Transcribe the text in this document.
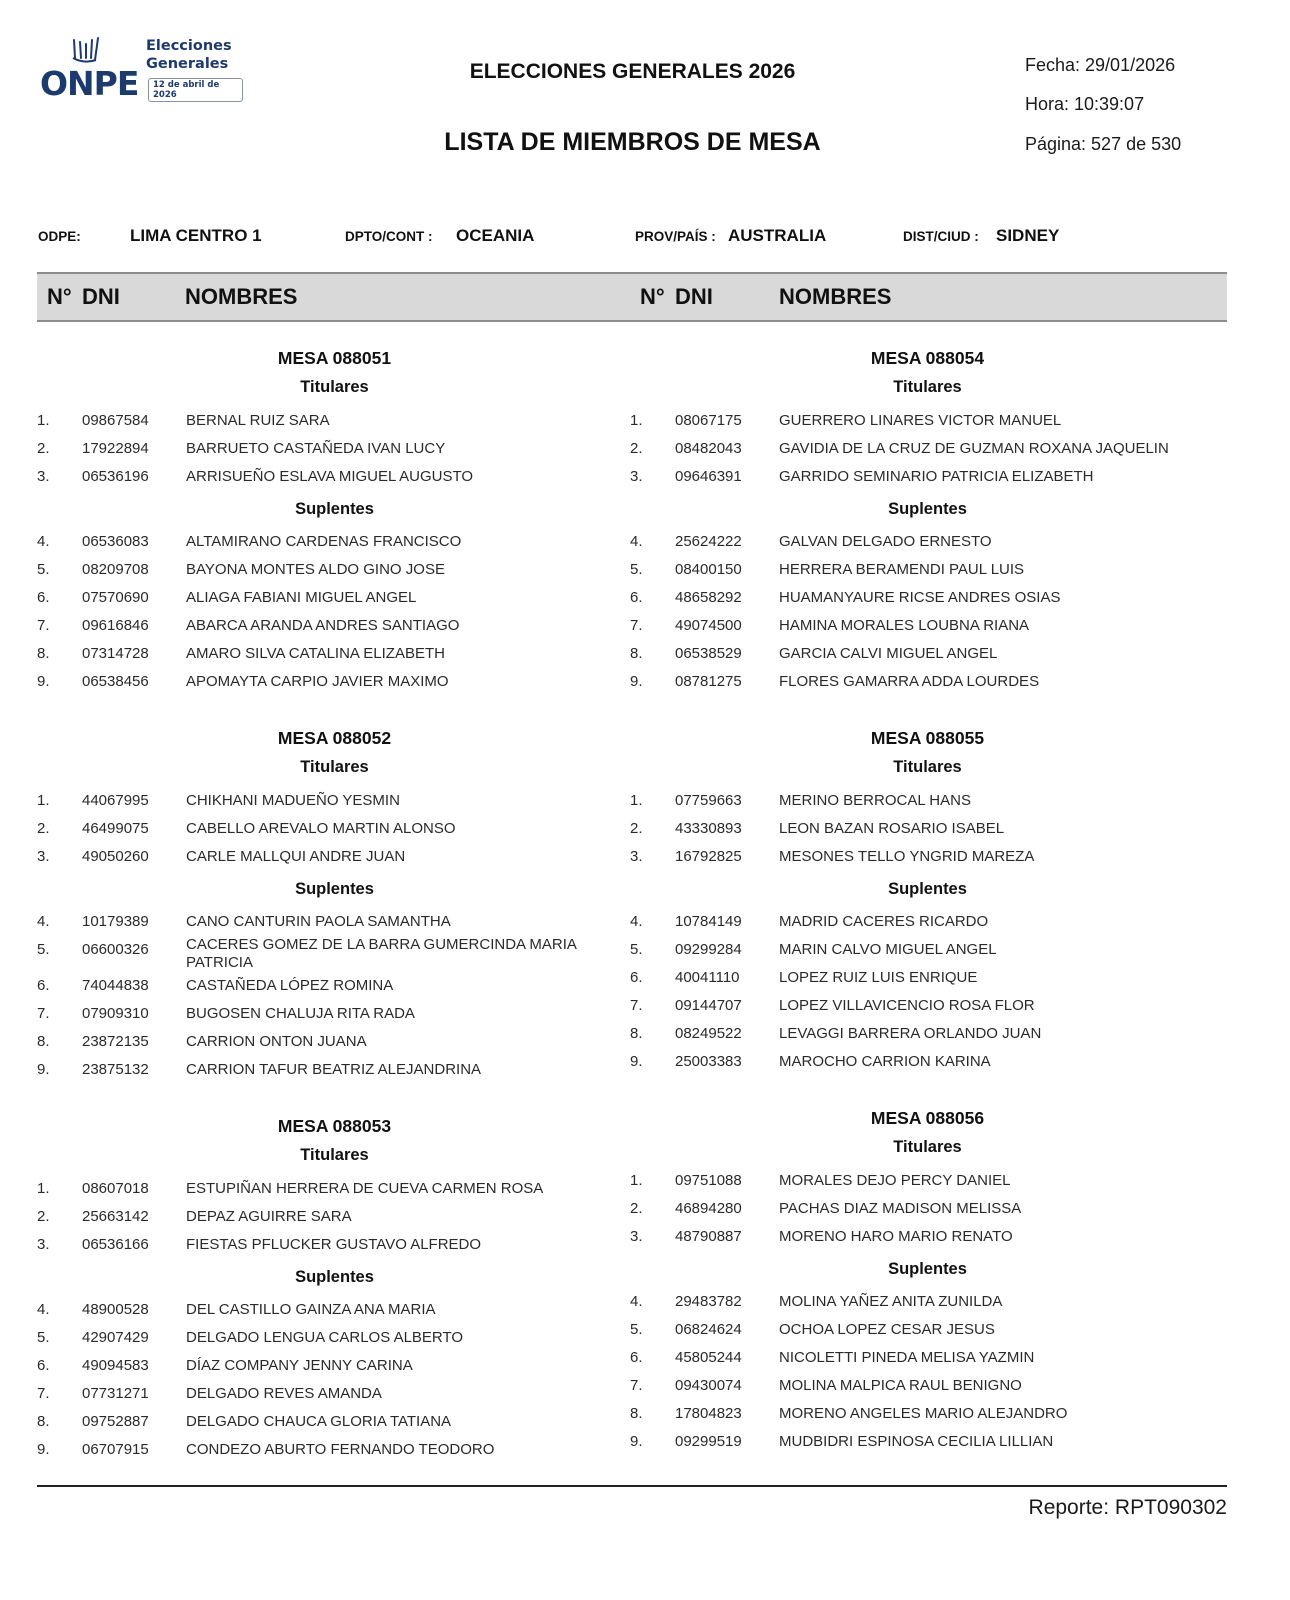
ONPE
Elecciones
Generales
12 de abril de 2026
ELECCIONES GENERALES 2026
LISTA DE MIEMBROS DE MESA
Fecha: 29/01/2026
Hora: 10:39:07
Página: 527 de 530
ODPE:	LIMA CENTRO 1	DPTO/CONT : OCEANIA	PROV/PAÍS : AUSTRALIA	DIST/CIUD : SIDNEY
N° DNI	NOMBRES	N° DNI	NOMBRES
MESA 088051
Titulares
1. 09867584 BERNAL RUIZ SARA
2. 17922894 BARRUETO CASTAÑEDA IVAN LUCY
3. 06536196 ARRISUEÑO ESLAVA MIGUEL AUGUSTO
Suplentes
4. 06536083 ALTAMIRANO CARDENAS FRANCISCO
5. 08209708 BAYONA MONTES ALDO GINO JOSE
6. 07570690 ALIAGA FABIANI MIGUEL ANGEL
7. 09616846 ABARCA ARANDA ANDRES SANTIAGO
8. 07314728 AMARO SILVA CATALINA ELIZABETH
9. 06538456 APOMAYTA CARPIO JAVIER MAXIMO
MESA 088052
Titulares
1. 44067995 CHIKHANI MADUEÑO YESMIN
2. 46499075 CABELLO AREVALO MARTIN ALONSO
3. 49050260 CARLE MALLQUI ANDRE JUAN
Suplentes
4. 10179389 CANO CANTURIN PAOLA SAMANTHA
5. 06600326 CACERES GOMEZ DE LA BARRA GUMERCINDA MARIA PATRICIA
6. 74044838 CASTAÑEDA LÓPEZ ROMINA
7. 07909310 BUGOSEN CHALUJA RITA RADA
8. 23872135 CARRION ONTON JUANA
9. 23875132 CARRION TAFUR BEATRIZ ALEJANDRINA
MESA 088053
Titulares
1. 08607018 ESTUPIÑAN HERRERA DE CUEVA CARMEN ROSA
2. 25663142 DEPAZ AGUIRRE SARA
3. 06536166 FIESTAS PFLUCKER GUSTAVO ALFREDO
Suplentes
4. 48900528 DEL CASTILLO GAINZA ANA MARIA
5. 42907429 DELGADO LENGUA CARLOS ALBERTO
6. 49094583 DÍAZ COMPANY JENNY CARINA
7. 07731271 DELGADO REVES AMANDA
8. 09752887 DELGADO CHAUCA GLORIA TATIANA
9. 06707915 CONDEZO ABURTO FERNANDO TEODORO
MESA 088054
Titulares
1. 08067175 GUERRERO LINARES VICTOR MANUEL
2. 08482043 GAVIDIA DE LA CRUZ DE GUZMAN ROXANA JAQUELIN
3. 09646391 GARRIDO SEMINARIO PATRICIA ELIZABETH
Suplentes
4. 25624222 GALVAN DELGADO ERNESTO
5. 08400150 HERRERA BERAMENDI PAUL LUIS
6. 48658292 HUAMANYAURE RICSE ANDRES OSIAS
7. 49074500 HAMINA MORALES LOUBNA RIANA
8. 06538529 GARCIA CALVI MIGUEL ANGEL
9. 08781275 FLORES GAMARRA ADDA LOURDES
MESA 088055
Titulares
1. 07759663 MERINO BERROCAL HANS
2. 43330893 LEON BAZAN ROSARIO ISABEL
3. 16792825 MESONES TELLO YNGRID MAREZA
Suplentes
4. 10784149 MADRID CACERES RICARDO
5. 09299284 MARIN CALVO MIGUEL ANGEL
6. 40041110	LOPEZ RUIZ LUIS ENRIQUE
7. 09144707 LOPEZ VILLAVICENCIO ROSA FLOR
8. 08249522 LEVAGGI BARRERA ORLANDO JUAN
9. 25003383 MAROCHO CARRION KARINA
MESA 088056
Titulares
1. 09751088 MORALES DEJO PERCY DANIEL
2. 46894280 PACHAS DIAZ MADISON MELISSA
3. 48790887 MORENO HARO MARIO RENATO
Suplentes
4. 29483782 MOLINA YAÑEZ ANITA ZUNILDA
5. 06824624 OCHOA LOPEZ CESAR JESUS
6. 45805244 NICOLETTI PINEDA MELISA YAZMIN
7. 09430074 MOLINA MALPICA RAUL BENIGNO
8. 17804823 MORENO ANGELES MARIO ALEJANDRO
9. 09299519 MUDBIDRI ESPINOSA CECILIA LILLIAN
Reporte: RPT090302
